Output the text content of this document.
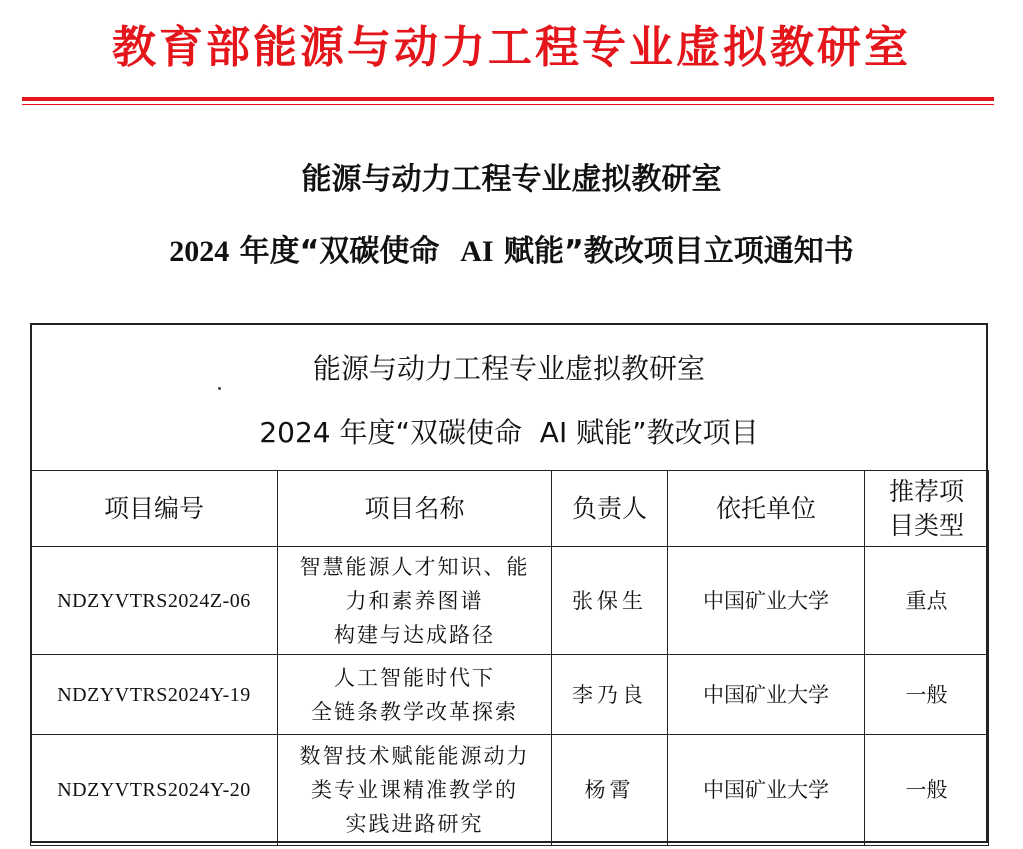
教育部能源与动力工程专业虚拟教研室
能源与动力工程专业虚拟教研室
2024 年度“双碳使命  AI 赋能”教改项目立项通知书
能源与动力工程专业虚拟教研室
2024 年度“双碳使命  AI 赋能”教改项目
项目编号	项目名称	负责人	依托单位	推荐项
目类型

NDZYVTRS2024Z-06	智慧能源人才知识、能
力和素养图谱
构建与达成路径	张保生	中国矿业大学	重点
NDZYVTRS2024Y-19	人工智能时代下
全链条教学改革探索	李乃良	中国矿业大学	一般
NDZYVTRS2024Y-20	数智技术赋能能源动力
类专业课精准教学的
实践进路研究	杨霄	中国矿业大学	一般
